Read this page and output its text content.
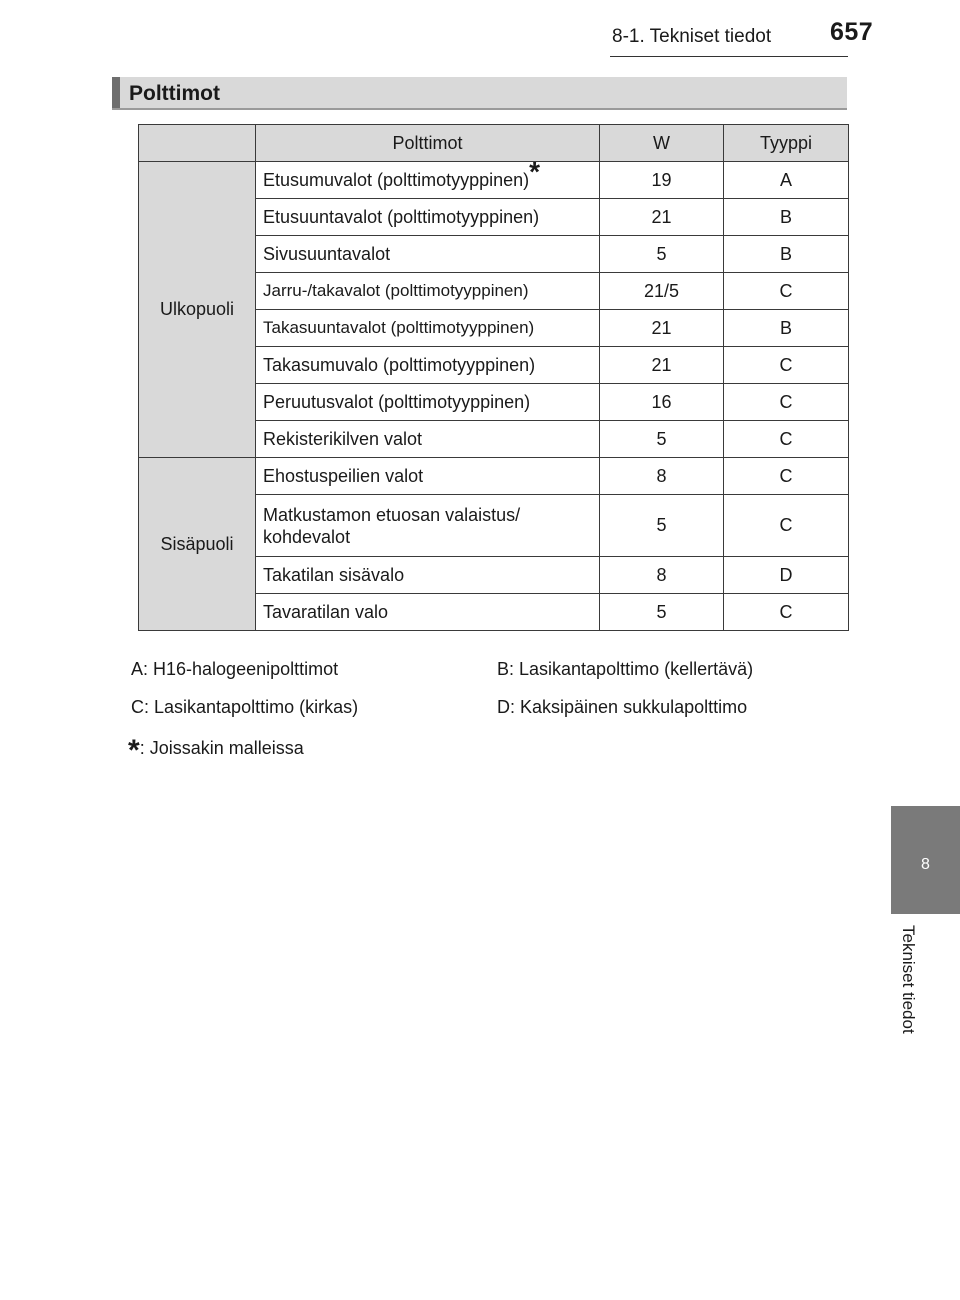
8-1. Tekniset tiedot 657
Polttimot
	Polttimot	W	Tyyppi
Ulkopuoli	Etusumuvalot (polttimotyyppinen)*	19	A
	Etusuuntavalot (polttimotyyppinen)	21	B
	Sivusuuntavalot	5	B
	Jarru-/takavalot (polttimotyyppinen)	21/5	C
	Takasuuntavalot (polttimotyyppinen)	21	B
	Takasumuvalo (polttimotyyppinen)	21	C
	Peruutusvalot (polttimotyyppinen)	16	C
	Rekisterikilven valot	5	C
Sisäpuoli	Ehostuspeilien valot	8	C
	Matkustamon etuosan valaistus/ kohdevalot	5	C
	Takatilan sisävalo	8	D
	Tavaratilan valo	5	C
A: H16-halogeenipolttimot	B: Lasikantapolttimo (kellertävä)
C: Lasikantapolttimo (kirkas)	D: Kaksipäinen sukkulapolttimo
*: Joissakin malleissa
8
Tekniset tiedot
